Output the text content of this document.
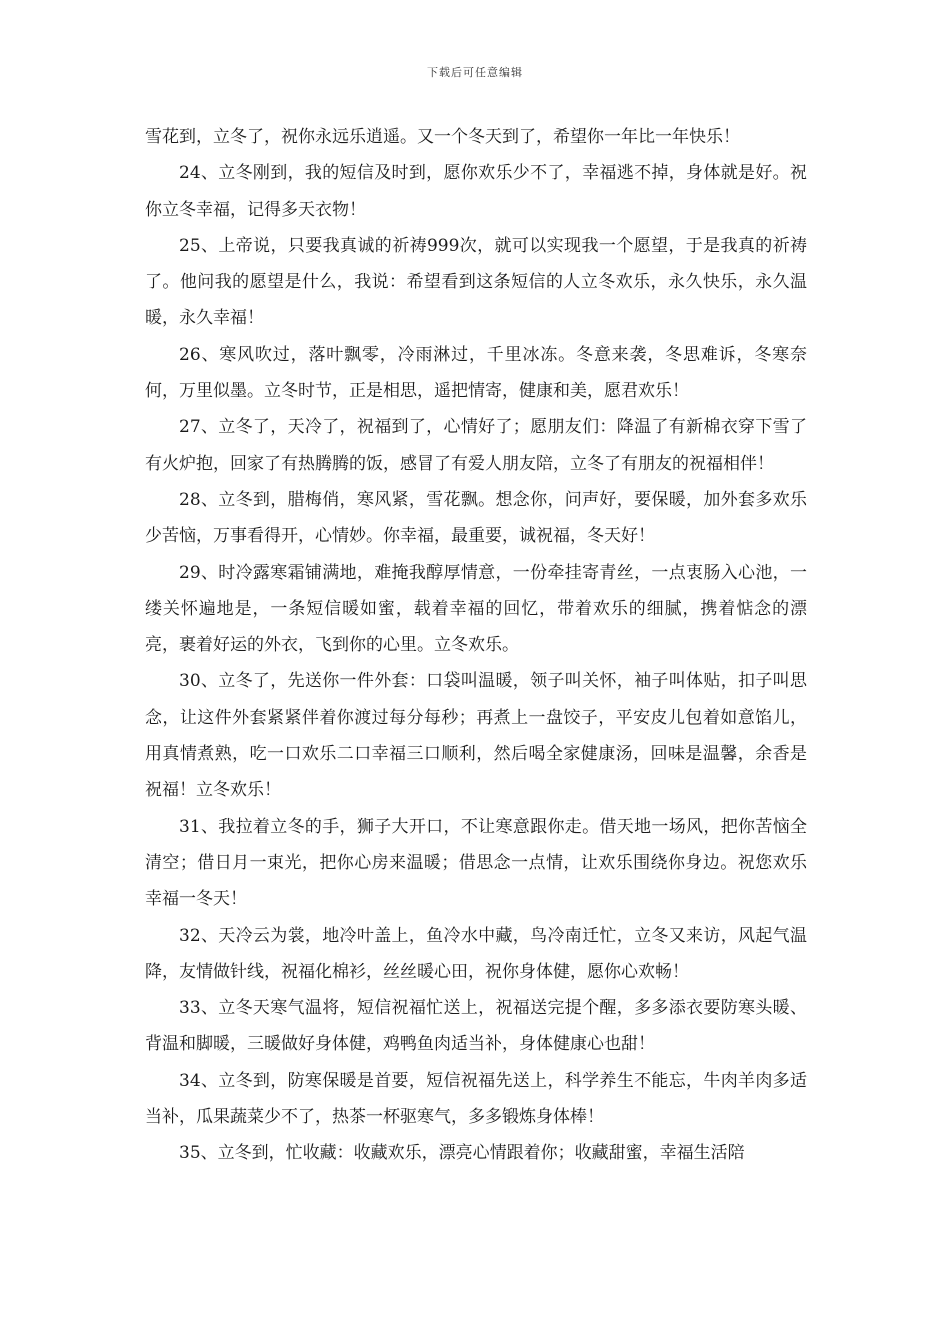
下载后可任意编辑

雪花到，立冬了，祝你永远乐逍遥。又一个冬天到了，希望你一年比一年快乐！

24、立冬刚到，我的短信及时到，愿你欢乐少不了，幸福逃不掉，身体就是好。祝你立冬幸福，记得多天衣物！

25、上帝说，只要我真诚的祈祷999次，就可以实现我一个愿望，于是我真的祈祷了。他问我的愿望是什么，我说：希望看到这条短信的人立冬欢乐，永久快乐，永久温暖，永久幸福！

26、寒风吹过，落叶飘零，冷雨淋过，千里冰冻。冬意来袭，冬思难诉，冬寒奈何，万里似墨。立冬时节，正是相思，遥把情寄，健康和美，愿君欢乐！

27、立冬了，天冷了，祝福到了，心情好了；愿朋友们：降温了有新棉衣穿下雪了有火炉抱，回家了有热腾腾的饭，感冒了有爱人朋友陪，立冬了有朋友的祝福相伴！

28、立冬到，腊梅俏，寒风紧，雪花飘。想念你，问声好，要保暖，加外套多欢乐少苦恼，万事看得开，心情妙。你幸福，最重要，诚祝福，冬天好！

29、时冷露寒霜铺满地，难掩我醇厚情意，一份牵挂寄青丝，一点衷肠入心池，一缕关怀遍地是，一条短信暖如蜜，载着幸福的回忆，带着欢乐的细腻，携着惦念的漂亮，裹着好运的外衣，飞到你的心里。立冬欢乐。

30、立冬了，先送你一件外套：口袋叫温暖，领子叫关怀，袖子叫体贴，扣子叫思念，让这件外套紧紧伴着你渡过每分每秒；再煮上一盘饺子，平安皮儿包着如意馅儿，用真情煮熟，吃一口欢乐二口幸福三口顺利，然后喝全家健康汤，回味是温馨，余香是祝福！立冬欢乐！

31、我拉着立冬的手，狮子大开口，不让寒意跟你走。借天地一场风，把你苦恼全清空；借日月一束光，把你心房来温暖；借思念一点情，让欢乐围绕你身边。祝您欢乐幸福一冬天！

32、天冷云为裳，地冷叶盖上，鱼冷水中藏，鸟冷南迁忙，立冬又来访，风起气温降，友情做针线，祝福化棉衫，丝丝暖心田，祝你身体健，愿你心欢畅！

33、立冬天寒气温将，短信祝福忙送上，祝福送完提个醒，多多添衣要防寒头暖、背温和脚暖，三暖做好身体健，鸡鸭鱼肉适当补，身体健康心也甜！

34、立冬到，防寒保暖是首要，短信祝福先送上，科学养生不能忘，牛肉羊肉多适当补，瓜果蔬菜少不了，热茶一杯驱寒气，多多锻炼身体棒！

35、立冬到，忙收藏：收藏欢乐，漂亮心情跟着你；收藏甜蜜，幸福生活陪
